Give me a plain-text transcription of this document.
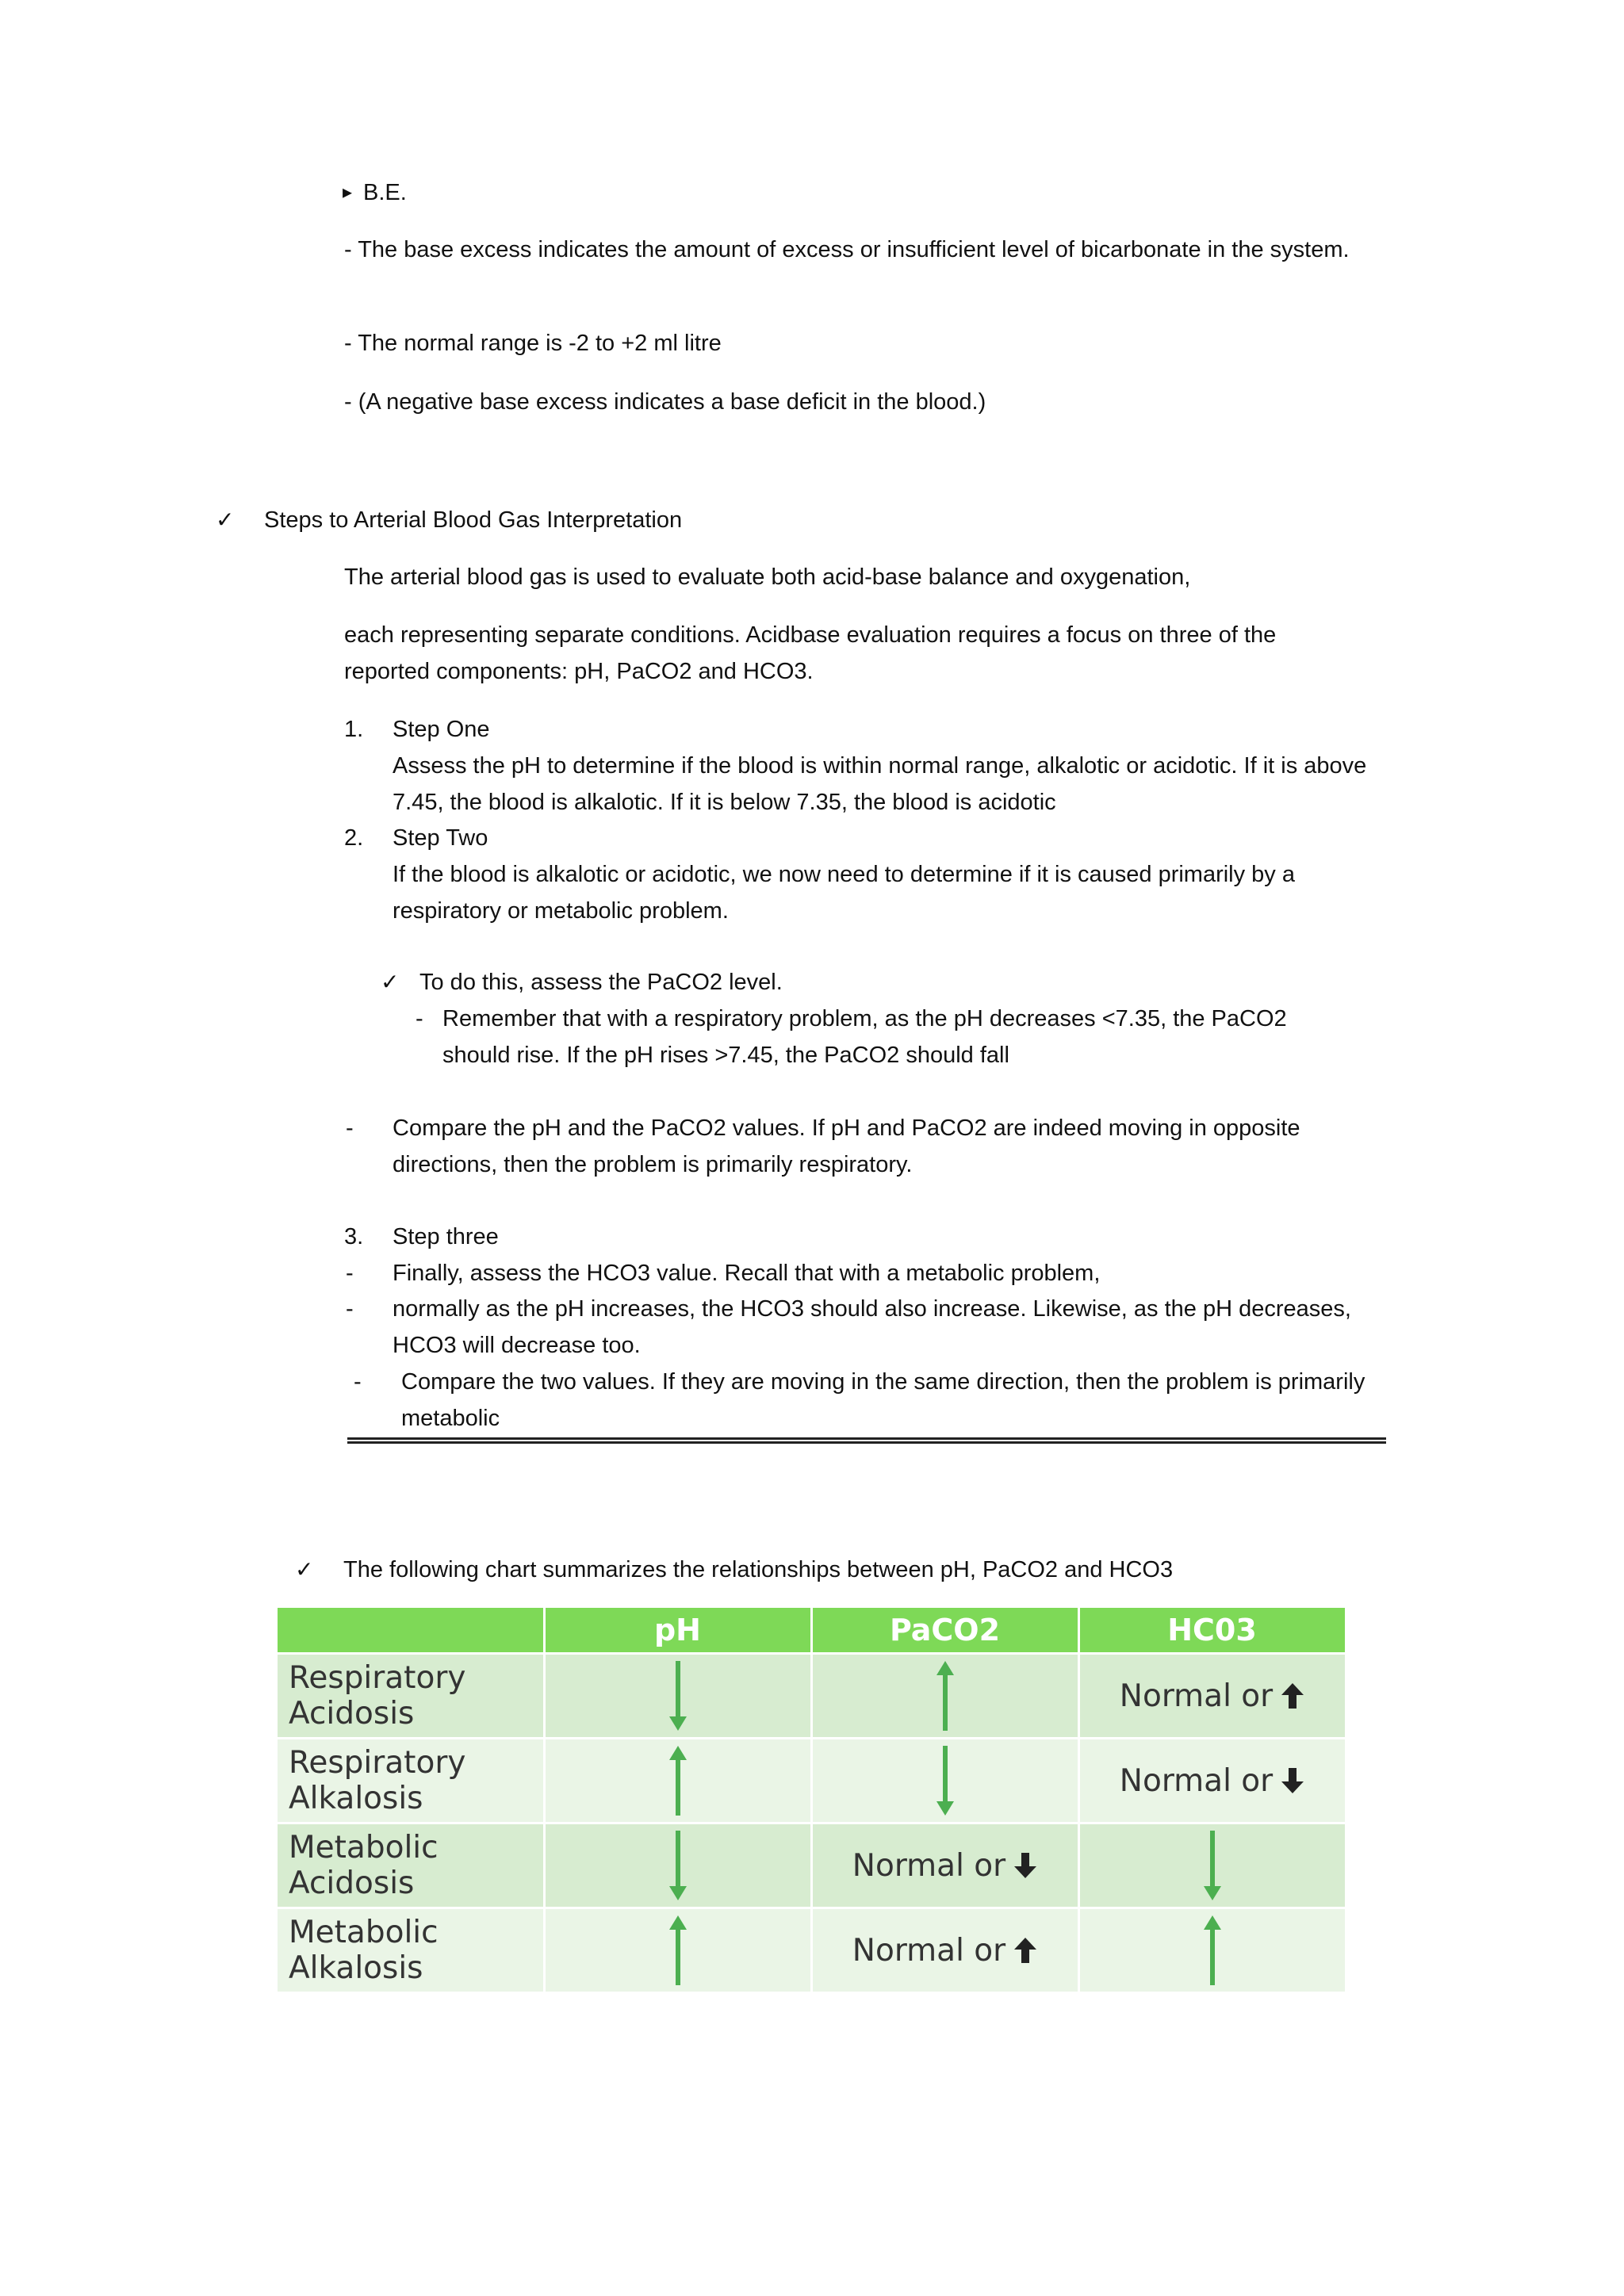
▸ B.E.
- The base excess indicates the amount of excess or insufficient level of bicarbonate in the system.
- The normal range is -2 to +2 ml litre
- (A negative base excess indicates a base deficit in the blood.)
✓ Steps to Arterial Blood Gas Interpretation
The arterial blood gas is used to evaluate both acid-base balance and oxygenation,
each representing separate conditions. Acidbase evaluation requires a focus on three of the reported components: pH, PaCO2 and HCO3.
1. Step One
Assess the pH to determine if the blood is within normal range, alkalotic or acidotic. If it is above 7.45, the blood is alkalotic. If it is below 7.35, the blood is acidotic
2. Step Two
If the blood is alkalotic or acidotic, we now need to determine if it is caused primarily by a respiratory or metabolic problem.
✓ To do this, assess the PaCO2 level.
- Remember that with a respiratory problem, as the pH decreases <7.35, the PaCO2 should rise. If the pH rises >7.45, the PaCO2 should fall
- Compare the pH and the PaCO2 values. If pH and PaCO2 are indeed moving in opposite directions, then the problem is primarily respiratory.
3. Step three
- Finally, assess the HCO3 value. Recall that with a metabolic problem,
- normally as the pH increases, the HCO3 should also increase. Likewise, as the pH decreases, HCO3 will decrease too.
- Compare the two values. If they are moving in the same direction, then the problem is primarily metabolic
✓ The following chart summarizes the relationships between pH, PaCO2 and HCO3
	pH	PaCO2	HC03

Respiratory
Acidosis			Normal or

Respiratory
Alkalosis			Normal or

Metabolic
Acidosis		Normal or

Metabolic
Alkalosis		Normal or
